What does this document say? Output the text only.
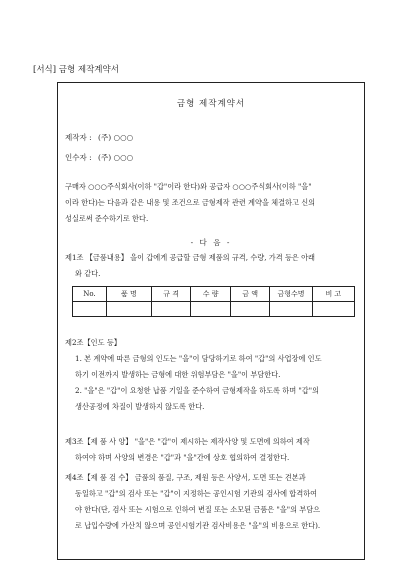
[서식] 금형 제작계약서
금형 제작계약서
제작자 : (주) ○○○
인수자 : (주) ○○○

구매자 ○○○주식회사(이하 "갑"이라 한다)와 공급자 ○○○주식회사(이하 "을"

이라 한다)는 다음과 같은 내용 및 조건으로 금형제작 관련 계약을 체결하고 신의

성실로써 준수하기로 한다.

- 다 음 -

제1조 【금품내용】 을이 갑에게 공급할 금형 제품의 규격, 수량, 가격 등은 아래

와 같다.

No.	품 명	규 격	수 량	금 액	금형수명	비 고

제2조【인도 등】

1. 본 계약에 따른 금형의 인도는 "을"이 담당하기로 하여 "갑"의 사업장에 인도

하기 이전까지 발생하는 금형에 대한 위험부담은 "을"이 부담한다.

2. "을"은 "갑"이 요청한 납품 기일을 준수하여 금형제작을 하도록 하며 "갑"의

생산공정에 차질이 발생하지 않도록 한다.

제3조【제 품 사 양】 "을"은 "갑"이 제시하는 제작사양 및 도면에 의하여 제작

하여야 하며 사양의 변경은 "갑"과 "을"간에 상호 협의하여 결정한다.

제4조【제 품 검 수】 금품의 품질, 구조, 제원 등은 사양서, 도면 또는 견본과

동일하고 "갑"의 검사 또는 "갑"이 지정하는 공인시험 기관의 검사에 합격하여

야 한다(단, 검사 또는 시험으로 인하여 변질 또는 소모된 금품은 "을"의 부담으

로 납입수량에 가산치 않으며 공인시험기관 검사비용은 "을"의 비용으로 한다).
